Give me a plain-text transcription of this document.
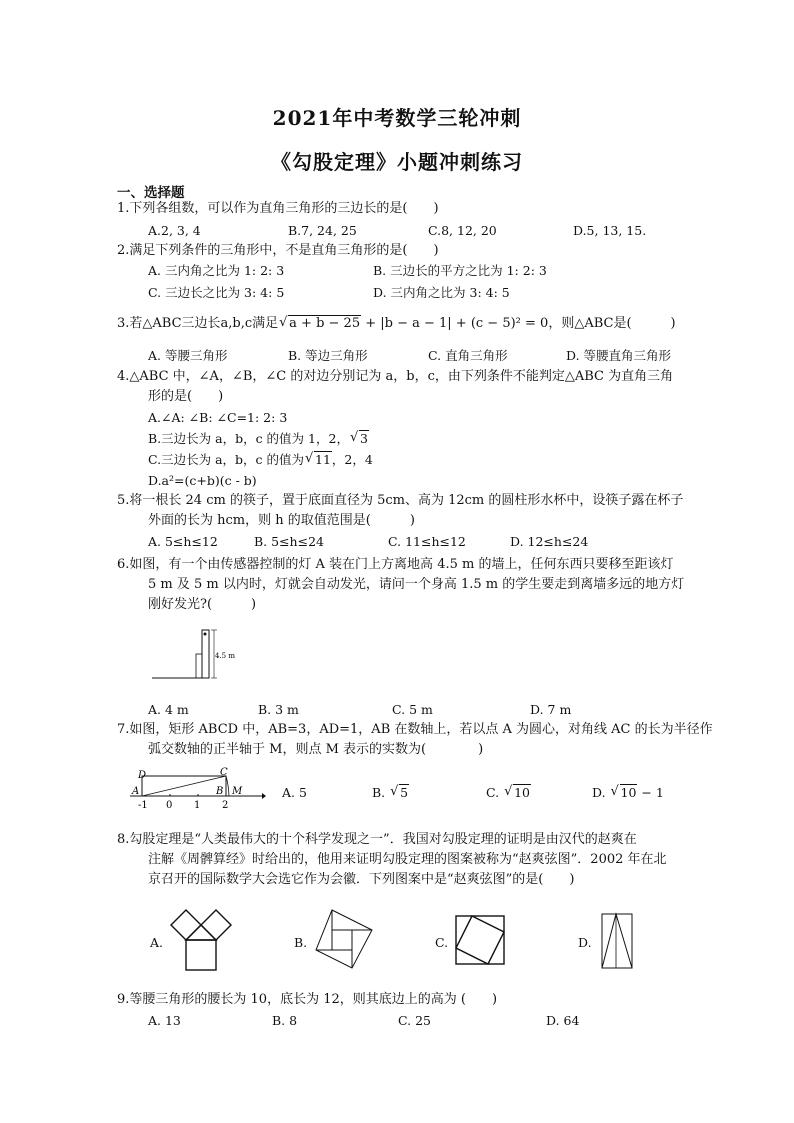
2021年中考数学三轮冲刺
《勾股定理》小题冲刺练习
一、选择题
1.下列各组数，可以作为直角三角形的三边长的是(　　)
A.2, 3, 4	B.7, 24, 25	C.8, 12, 20	D.5, 13, 15.
2.满足下列条件的三角形中，不是直角三角形的是(　　)
A. 三内角之比为 1: 2: 3	B. 三边长的平方之比为 1: 2: 3
C. 三边长之比为 3: 4: 5	D. 三内角之比为 3: 4: 5
3.若△ABC三边长a,b,c满足 √ a + b − 25 + |b − a − 1| + (c − 5)² = 0，则△ABC是(　　　)
A. 等腰三角形	B. 等边三角形	C. 直角三角形	D. 等腰直角三角形
4.△ABC 中，∠A，∠B，∠C 的对边分别记为 a，b，c，由下列条件不能判定△ABC 为直角三角
形的是(　　)
A.∠A: ∠B: ∠C=1: 2: 3
B.三边长为 a，b，c 的值为 1，2， √ 3
C.三边长为 a，b，c 的值为 √ 11，2，4
D.a²=(c+b)(c - b)
5.将一根长 24 cm 的筷子，置于底面直径为 5cm、高为 12cm 的圆柱形水杯中，设筷子露在杯子
外面的长为 hcm，则 h 的取值范围是(　　　)
A. 5≤h≤12	B. 5≤h≤24	C. 11≤h≤12	D. 12≤h≤24
6.如图，有一个由传感器控制的灯 A 装在门上方离地高 4.5 m 的墙上，任何东西只要移至距该灯
5 m 及 5 m 以内时，灯就会自动发光，请问一个身高 1.5 m 的学生要走到离墙多远的地方灯
刚好发光?(　　　)
4.5 m
A. 4 m	B. 3 m	C. 5 m	D. 7 m
7.如图，矩形 ABCD 中，AB=3，AD=1，AB 在数轴上，若以点 A 为圆心，对角线 AC 的长为半径作
弧交数轴的正半轴于 M，则点 M 表示的实数为(　　　　)
D	C
A	B M
-1 0 1 2
A. 5	B. √ 5	C. √ 10	D. √ 10 − 1
8.勾股定理是“人类最伟大的十个科学发现之一”．我国对勾股定理的证明是由汉代的赵爽在
注解《周髀算经》时给出的，他用来证明勾股定理的图案被称为“赵爽弦图”．2002 年在北
京召开的国际数学大会选它作为会徽．下列图案中是“赵爽弦图”的是(　　)
A.	B.	C.	D.
9.等腰三角形的腰长为 10，底长为 12，则其底边上的高为 (　　)
A. 13	B. 8	C. 25	D. 64
